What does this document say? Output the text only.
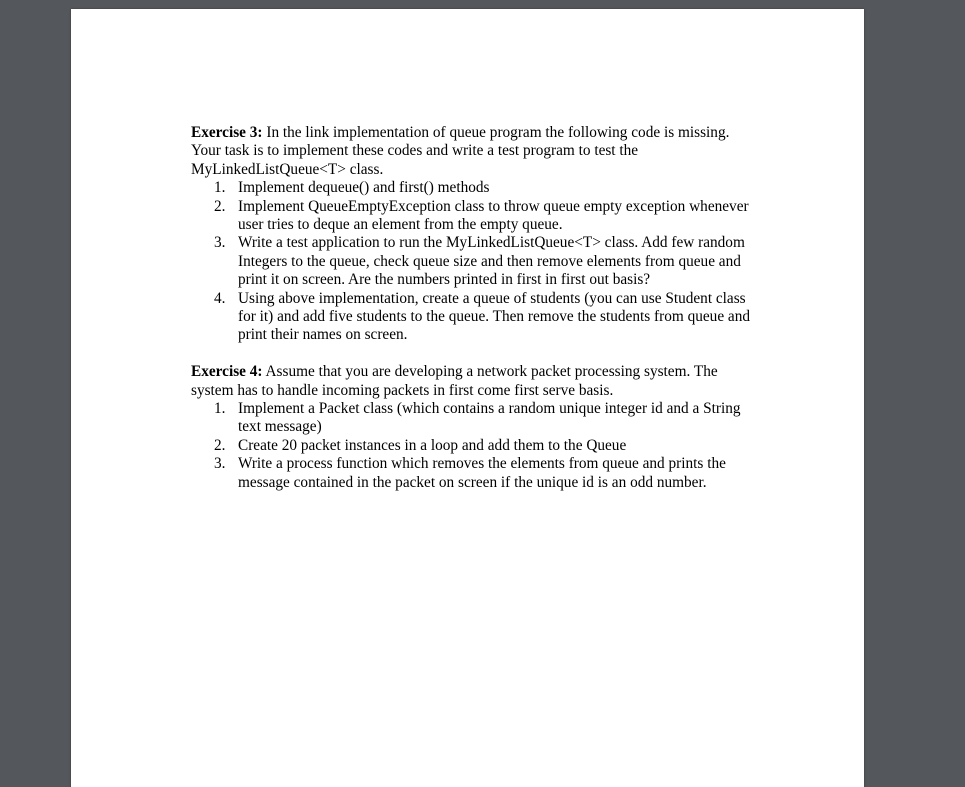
Exercise 3: In the link implementation of queue program the following code is missing. Your task is to implement these codes and write a test program to test the MyLinkedListQueue<T> class.

1. Implement dequeue() and first() methods
2. Implement QueueEmptyException class to throw queue empty exception whenever user tries to deque an element from the empty queue.
3. Write a test application to run the MyLinkedListQueue<T> class. Add few random Integers to the queue, check queue size and then remove elements from queue and print it on screen. Are the numbers printed in first in first out basis?
4. Using above implementation, create a queue of students (you can use Student class for it) and add five students to the queue. Then remove the students from queue and print their names on screen.

Exercise 4: Assume that you are developing a network packet processing system. The system has to handle incoming packets in first come first serve basis.

1. Implement a Packet class (which contains a random unique integer id and a String text message)
2. Create 20 packet instances in a loop and add them to the Queue
3. Write a process function which removes the elements from queue and prints the message contained in the packet on screen if the unique id is an odd number.
